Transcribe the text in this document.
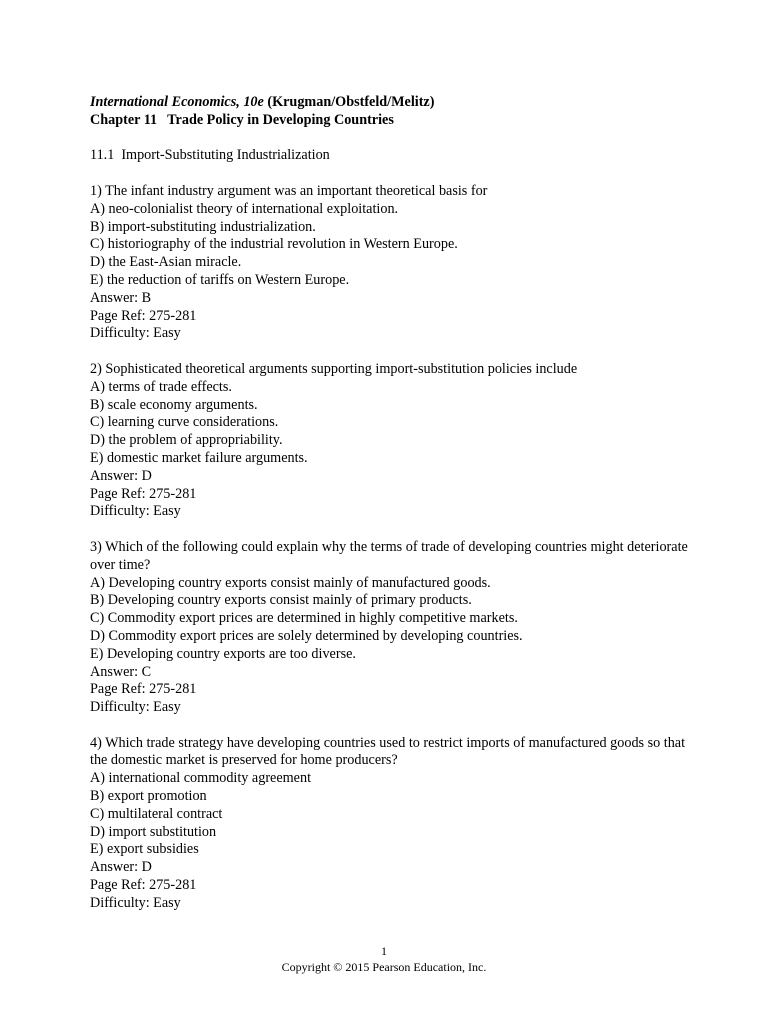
International Economics, 10e (Krugman/Obstfeld/Melitz)
Chapter 11 Trade Policy in Developing Countries
11.1 Import-Substituting Industrialization
1) The infant industry argument was an important theoretical basis for
A) neo-colonialist theory of international exploitation.
B) import-substituting industrialization.
C) historiography of the industrial revolution in Western Europe.
D) the East-Asian miracle.
E) the reduction of tariffs on Western Europe.
Answer: B
Page Ref: 275-281
Difficulty: Easy
2) Sophisticated theoretical arguments supporting import-substitution policies include
A) terms of trade effects.
B) scale economy arguments.
C) learning curve considerations.
D) the problem of appropriability.
E) domestic market failure arguments.
Answer: D
Page Ref: 275-281
Difficulty: Easy
3) Which of the following could explain why the terms of trade of developing countries might deteriorate over time?
A) Developing country exports consist mainly of manufactured goods.
B) Developing country exports consist mainly of primary products.
C) Commodity export prices are determined in highly competitive markets.
D) Commodity export prices are solely determined by developing countries.
E) Developing country exports are too diverse.
Answer: C
Page Ref: 275-281
Difficulty: Easy
4) Which trade strategy have developing countries used to restrict imports of manufactured goods so that the domestic market is preserved for home producers?
A) international commodity agreement
B) export promotion
C) multilateral contract
D) import substitution
E) export subsidies
Answer: D
Page Ref: 275-281
Difficulty: Easy
1
Copyright © 2015 Pearson Education, Inc.
